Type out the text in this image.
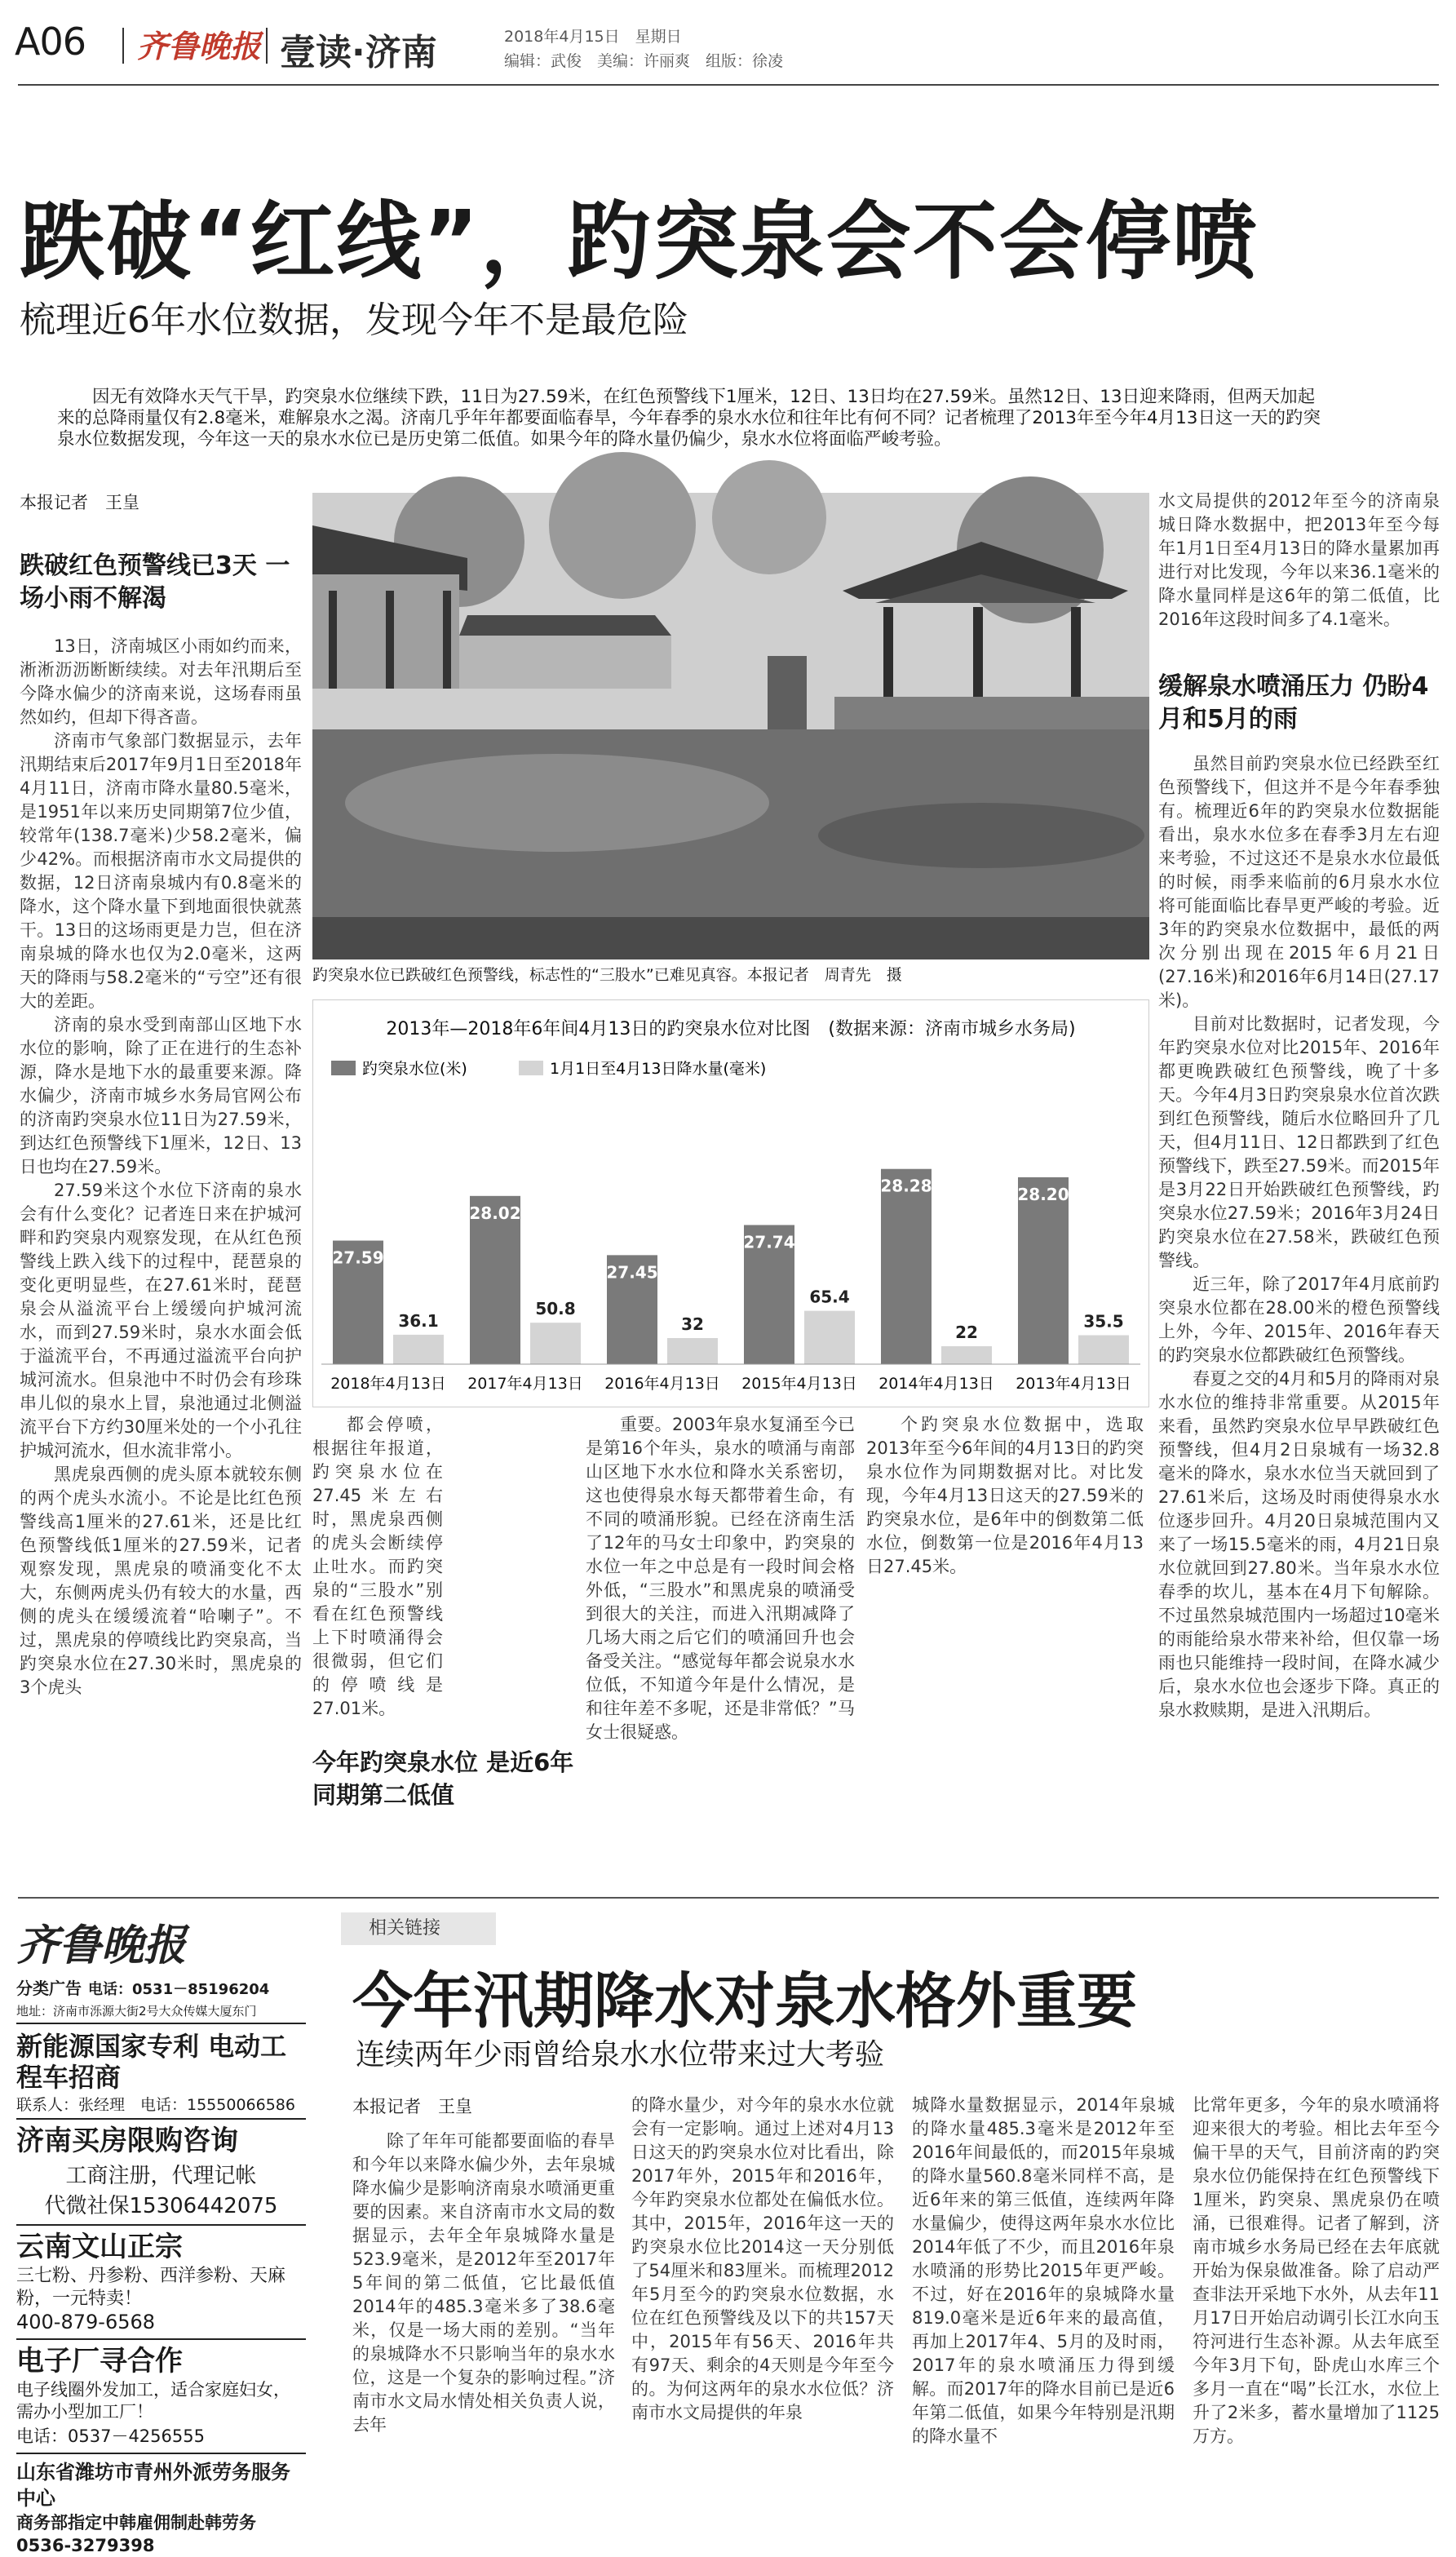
A06 齐鲁晚报 壹读·济南	2018年4月15日　星期日
编辑：武俊　美编：许丽爽　组版：徐凌
跌破“红线”，趵突泉会不会停喷
梳理近6年水位数据，发现今年不是最危险
因无有效降水天气干旱，趵突泉水位继续下跌，11日为27.59米，在红色预警线下1厘米，12日、13日均在27.59米。虽然12日、13日迎来降雨，但两天加起来的总降雨量仅有2.8毫米，难解泉水之渴。济南几乎年年都要面临春旱，今年春季的泉水水位和往年比有何不同？记者梳理了2013年至今年4月13日这一天的趵突泉水位数据发现，今年这一天的泉水水位已是历史第二低值。如果今年的降水量仍偏少，泉水水位将面临严峻考验。
本报记者　王皇
跌破红色预警线已3天 一场小雨不解渴

13日，济南城区小雨如约而来，淅淅沥沥断断续续。对去年汛期后至今降水偏少的济南来说，这场春雨虽然如约，但却下得吝啬。

济南市气象部门数据显示，去年汛期结束后2017年9月1日至2018年4月11日，济南市降水量80.5毫米，是1951年以来历史同期第7位少值，较常年(138.7毫米)少58.2毫米，偏少42%。而根据济南市水文局提供的数据，12日济南泉城内有0.8毫米的降水，这个降水量下到地面很快就蒸干。13日的这场雨更是力岂，但在济南泉城的降水也仅为2.0毫米，这两天的降雨与58.2毫米的“亏空”还有很大的差距。

济南的泉水受到南部山区地下水水位的影响，除了正在进行的生态补源，降水是地下水的最重要来源。降水偏少，济南市城乡水务局官网公布的济南趵突泉水位11日为27.59米，到达红色预警线下1厘米，12日、13日也均在27.59米。

27.59米这个水位下济南的泉水会有什么变化？记者连日来在护城河畔和趵突泉内观察发现，在从红色预警线上跌入线下的过程中，琵琶泉的变化更明显些，在27.61米时，琵琶泉会从溢流平台上缓缓向护城河流水，而到27.59米时，泉水水面会低于溢流平台，不再通过溢流平台向护城河流水。但泉池中不时仍会有珍珠串儿似的泉水上冒，泉池通过北侧溢流平台下方约30厘米处的一个小孔往护城河流水，但水流非常小。

黑虎泉西侧的虎头原本就较东侧的两个虎头水流小。不论是比红色预警线高1厘米的27.61米，还是比红色预警线低1厘米的27.59米，记者观察发现，黑虎泉的喷涌变化不太大，东侧两虎头仍有较大的水量，西侧的虎头在缓缓流着“哈喇子”。不过，黑虎泉的停喷线比趵突泉高，当趵突泉水位在27.30米时，黑虎泉的3个虎头

趵突泉水位已跌破红色预警线，标志性的“三股水”已难见真容。本报记者　周青先　摄
2013年—2018年6年间4月13日的趵突泉水位对比图　(数据来源：济南市城乡水务局)
趵突泉水位(米)	1月1日至4月13日降水量(毫米)
27.59
36.1
2018年4月13日
28.02
50.8
2017年4月13日
27.45
32
2016年4月13日
27.74
65.4
2015年4月13日
28.28
22
2014年4月13日
28.20
35.5
2013年4月13日

都会停喷，根据往年报道，趵突泉水位在27.45米左右时，黑虎泉西侧的虎头会断续停止吐水。而趵突泉的“三股水”别看在红色预警线上下时喷涌得会很微弱，但它们的停喷线是27.01米。

今年趵突泉水位 是近6年同期第二低值

重要。2003年泉水复涌至今已是第16个年头，泉水的喷涌与南部山区地下水水位和降水关系密切，这也使得泉水每天都带着生命，有不同的喷涌形貌。已经在济南生活了12年的马女士印象中，趵突泉的水位一年之中总是有一段时间会格外低，“三股水”和黑虎泉的喷涌受到很大的关注，而进入汛期减降了几场大雨之后它们的喷涌回升也会备受关注。“感觉每年都会说泉水水位低，不知道今年是什么情况，是和往年差不多呢，还是非常低？”马女士很疑惑。

个趵突泉水位数据中，选取2013年至今6年间的4月13日的趵突泉水位作为同期数据对比。对比发现，今年4月13日这天的27.59米的趵突泉水位，是6年中的倒数第二低水位，倒数第一位是2016年4月13日27.45米。

水文局提供的2012年至今的济南泉城日降水数据中，把2013年至今每年1月1日至4月13日的降水量累加再进行对比发现，今年以来36.1毫米的降水量同样是这6年的第二低值，比2016年这段时间多了4.1毫米。

缓解泉水喷涌压力 仍盼4月和5月的雨

虽然目前趵突泉水位已经跌至红色预警线下，但这并不是今年春季独有。梳理近6年的趵突泉水位数据能看出，泉水水位多在春季3月左右迎来考验，不过这还不是泉水水位最低的时候，雨季来临前的6月泉水水位将可能面临比春旱更严峻的考验。近3年的趵突泉水位数据中，最低的两次分别出现在2015年6月21日(27.16米)和2016年6月14日(27.17米)。

目前对比数据时，记者发现，今年趵突泉水位对比2015年、2016年都更晚跌破红色预警线，晚了十多天。今年4月3日趵突泉泉水位首次跌到红色预警线，随后水位略回升了几天，但4月11日、12日都跌到了红色预警线下，跌至27.59米。而2015年是3月22日开始跌破红色预警线，趵突泉水位27.59米；2016年3月24日趵突泉水位在27.58米，跌破红色预警线。

近三年，除了2017年4月底前趵突泉水位都在28.00米的橙色预警线上外，今年、2015年、2016年春天的趵突泉水位都跌破红色预警线。

春夏之交的4月和5月的降雨对泉水水位的维持非常重要。从2015年来看，虽然趵突泉水位早早跌破红色预警线，但4月2日泉城有一场32.8毫米的降水，泉水水位当天就回到了27.61米后，这场及时雨使得泉水水位逐步回升。4月20日泉城范围内又来了一场15.5毫米的雨，4月21日泉水位就回到27.80米。当年泉水水位春季的坎儿，基本在4月下旬解除。不过虽然泉城范围内一场超过10毫米的雨能给泉水带来补给，但仅靠一场雨也只能维持一段时间，在降水减少后，泉水水位也会逐步下降。真正的泉水救赎期，是进入汛期后。

齐鲁晚报
分类广告 电话：0531－85196204
地址：济南市泺源大街2号大众传媒大厦东门
新能源国家专利 电动工程车招商
联系人：张经理　电话：15550066586
济南买房限购咨询
工商注册，代理记帐
代微社保15306442075
云南文山正宗
三七粉、丹参粉、西洋参粉、天麻粉，一元特卖！
400-879-6568
电子厂寻合作
电子线圈外发加工，适合家庭妇女，需办小型加工厂！
电话：0537－4256555
山东省潍坊市青州外派劳务服务中心
商务部指定中韩雇佣制赴韩劳务 0536-3279398
相关链接
今年汛期降水对泉水格外重要
连续两年少雨曾给泉水水位带来过大考验
本报记者　王皇

除了年年可能都要面临的春旱和今年以来降水偏少外，去年泉城降水偏少是影响济南泉水喷涌更重要的因素。来自济南市水文局的数据显示，去年全年泉城降水量是523.9毫米，是2012年至2017年5年间的第二低值，它比最低值2014年的485.3毫米多了38.6毫米，仅是一场大雨的差别。“当年的泉城降水不只影响当年的泉水水位，这是一个复杂的影响过程。”济南市水文局水情处相关负责人说，去年

的降水量少，对今年的泉水水位就会有一定影响。通过上述对4月13日这天的趵突泉水位对比看出，除2017年外，2015年和2016年，今年趵突泉水位都处在偏低水位。其中，2015年，2016年这一天的趵突泉水位比2014这一天分别低了54厘米和83厘米。而梳理2012年5月至今的趵突泉水位数据，水位在红色预警线及以下的共157天中，2015年有56天、2016年共有97天、剩余的4天则是今年至今的。为何这两年的泉水水位低？济南市水文局提供的年泉

城降水量数据显示，2014年泉城的降水量485.3毫米是2012年至2016年间最低的，而2015年泉城的降水量560.8毫米同样不高，是近6年来的第三低值，连续两年降水量偏少，使得这两年泉水水位比2014年低了不少，而且2016年泉水喷涌的形势比2015年更严峻。不过，好在2016年的泉城降水量819.0毫米是近6年来的最高值，再加上2017年4、5月的及时雨，2017年的泉水喷涌压力得到缓解。而2017年的降水目前已是近6年第二低值，如果今年特别是汛期的降水量不

比常年更多，今年的泉水喷涌将迎来很大的考验。相比去年至今偏干旱的天气，目前济南的趵突泉水位仍能保持在红色预警线下1厘米，趵突泉、黑虎泉仍在喷涌，已很难得。记者了解到，济南市城乡水务局已经在去年底就开始为保泉做准备。除了启动严查非法开采地下水外，从去年11月17日开始启动调引长江水向玉符河进行生态补源。从去年底至今年3月下旬，卧虎山水库三个多月一直在“喝”长江水，水位上升了2米多，蓄水量增加了1125万方。
